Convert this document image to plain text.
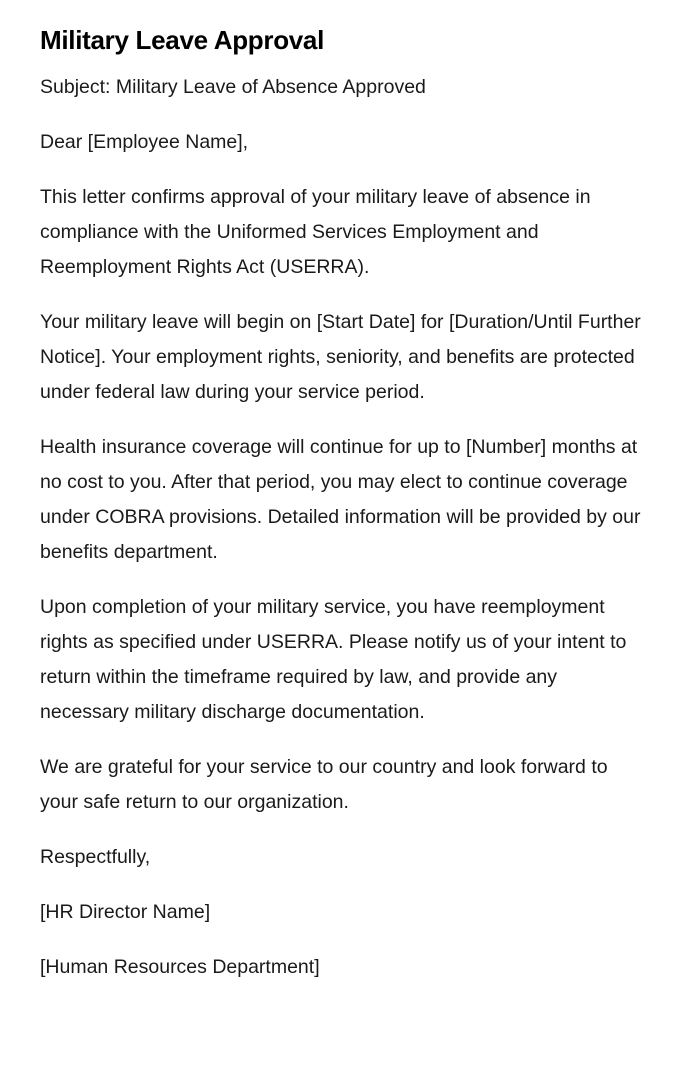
Military Leave Approval

Subject: Military Leave of Absence Approved

Dear [Employee Name],

This letter confirms approval of your military leave of absence in compliance with the Uniformed Services Employment and Reemployment Rights Act (USERRA).

Your military leave will begin on [Start Date] for [Duration/Until Further Notice]. Your employment rights, seniority, and benefits are protected under federal law during your service period.

Health insurance coverage will continue for up to [Number] months at no cost to you. After that period, you may elect to continue coverage under COBRA provisions. Detailed information will be provided by our benefits department.

Upon completion of your military service, you have reemployment rights as specified under USERRA. Please notify us of your intent to return within the timeframe required by law, and provide any necessary military discharge documentation.

We are grateful for your service to our country and look forward to your safe return to our organization.

Respectfully,

[HR Director Name]

[Human Resources Department]
